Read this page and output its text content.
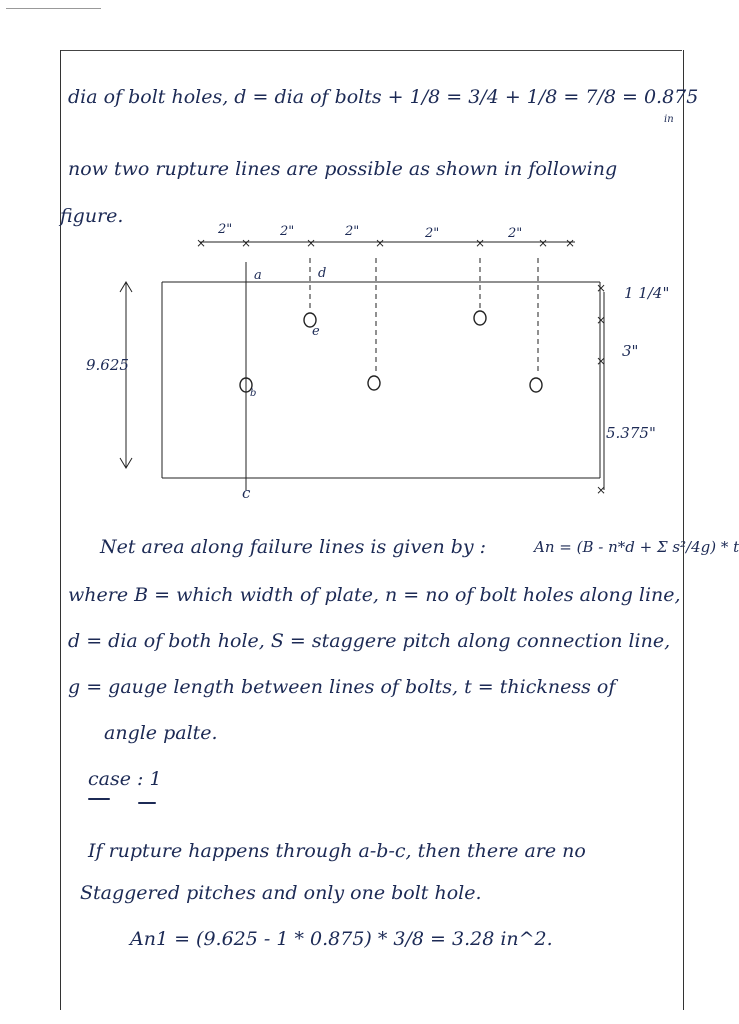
dia of bolt holes, d = dia of bolts + 1/8 = 3/4 + 1/8 = 7/8 = 0.875
in
now two rupture lines are possible as shown in following
figure.
×	×	×	×	×	× ×
×
×
×
×
2"	2"	2"	2"	2"
a	d
e
b
c
9.625
1 1/4"
3"
5.375"
Net area along failure lines is given by :	An = (B - n*d + Σ s²/4g) * t
where B = which width of plate, n = no of bolt holes along line,
d = dia of both hole, S = staggere pitch along connection line,
g = gauge length between lines of bolts, t = thickness of
angle palte.
case : 1
If rupture happens through a-b-c, then there are no
Staggered pitches and only one bolt hole.
An1 = (9.625 - 1 * 0.875) * 3/8 = 3.28 in^2.
